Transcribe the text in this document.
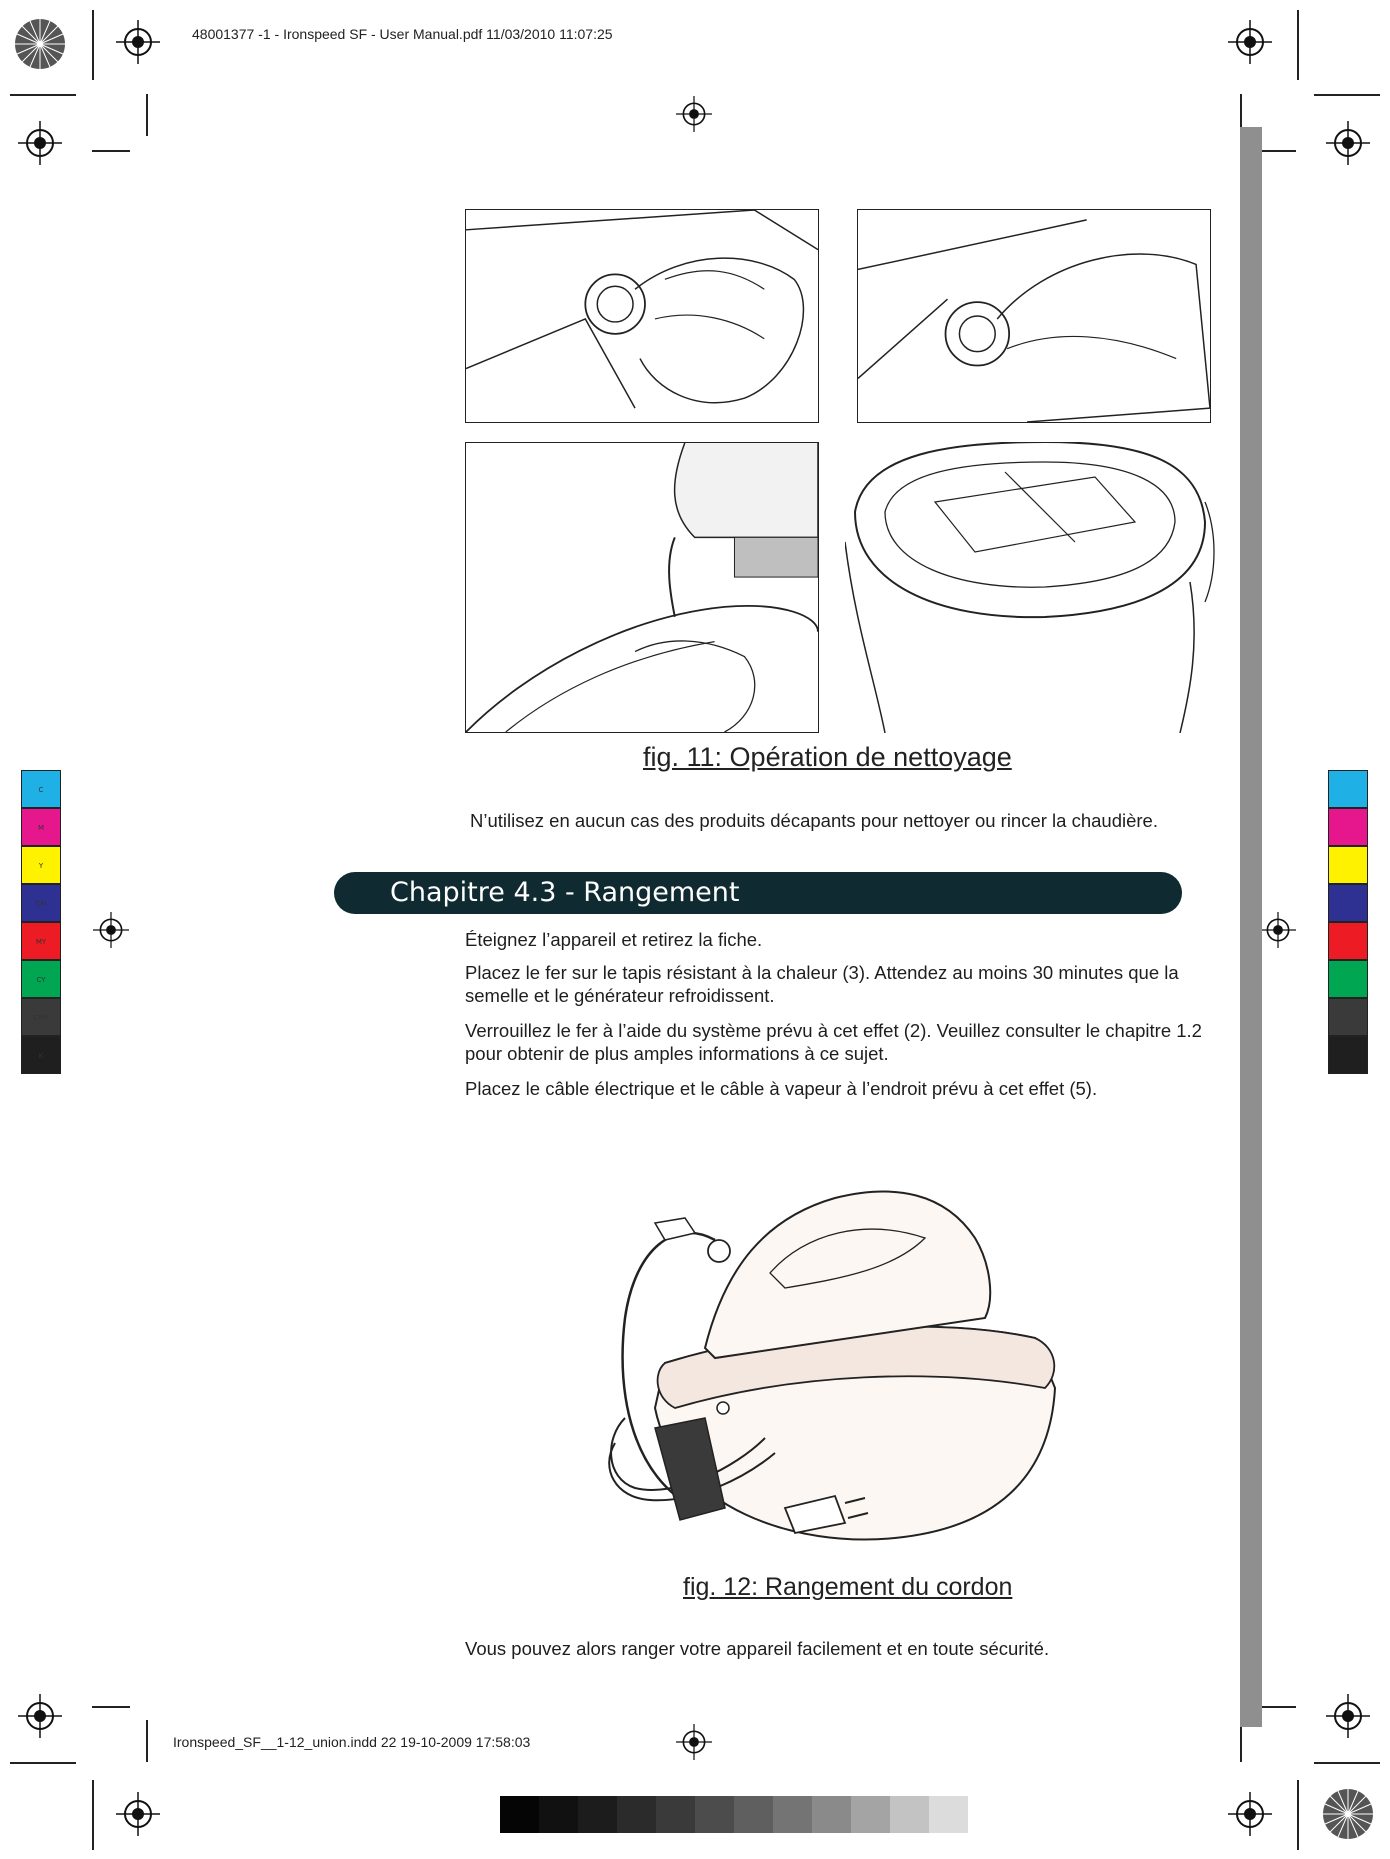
48001377 -1 - Ironspeed SF - User Manual.pdf 11/03/2010 11:07:25
Ironspeed_SF__1-12_union.indd 22 19-10-2009 17:58:03
C
M
Y
CM
MY
CY
CMY
K
fig. 11: Opération de nettoyage
N’utilisez en aucun cas des produits décapants pour nettoyer ou rincer la chaudière.
Chapitre 4.3 - Rangement
Éteignez l’appareil et retirez la fiche.
Placez le fer sur le tapis résistant à la chaleur (3). Attendez au moins 30 minutes que la semelle et le générateur refroidissent.
Verrouillez le fer à l’aide du système prévu à cet effet (2). Veuillez consulter le chapitre 1.2 pour obtenir de plus amples informations à ce sujet.
Placez le câble électrique et le câble à vapeur à l’endroit prévu à cet effet (5).
fig. 12: Rangement du cordon
Vous pouvez alors ranger votre appareil facilement et en toute sécurité.
